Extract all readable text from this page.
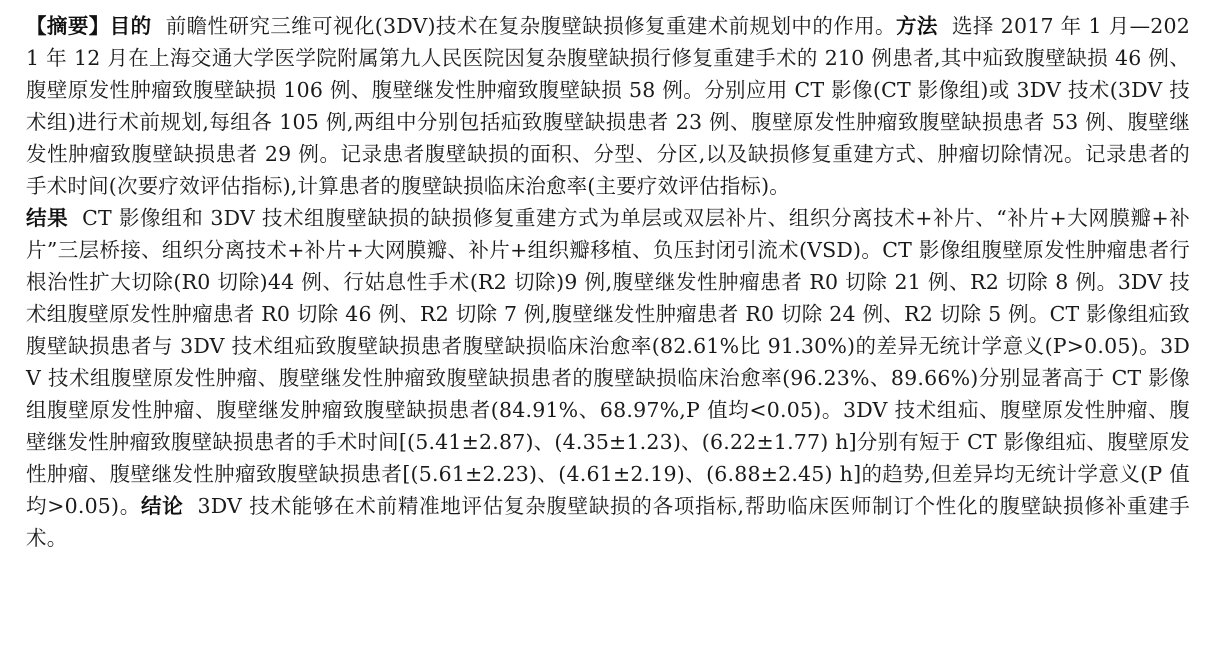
【摘要】目的 前瞻性研究三维可视化(3DV)技术在复杂腹壁缺损修复重建术前规划中的作用。方法 选择 2017 年 1 月—2021 年 12 月在上海交通大学医学院附属第九人民医院因复杂腹壁缺损行修复重建手术的 210 例患者,其中疝致腹壁缺损 46 例、腹壁原发性肿瘤致腹壁缺损 106 例、腹壁继发性肿瘤致腹壁缺损 58 例。分别应用 CT 影像(CT 影像组)或 3DV 技术(3DV 技术组)进行术前规划,每组各 105 例,两组中分别包括疝致腹壁缺损患者 23 例、腹壁原发性肿瘤致腹壁缺损患者 53 例、腹壁继发性肿瘤致腹壁缺损患者 29 例。记录患者腹壁缺损的面积、分型、分区,以及缺损修复重建方式、肿瘤切除情况。记录患者的手术时间(次要疗效评估指标),计算患者的腹壁缺损临床治愈率(主要疗效评估指标)。
结果 CT 影像组和 3DV 技术组腹壁缺损的缺损修复重建方式为单层或双层补片、组织分离技术+补片、“补片+大网膜瓣+补片”三层桥接、组织分离技术+补片+大网膜瓣、补片+组织瓣移植、负压封闭引流术(VSD)。CT 影像组腹壁原发性肿瘤患者行根治性扩大切除(R0 切除)44 例、行姑息性手术(R2 切除)9 例,腹壁继发性肿瘤患者 R0 切除 21 例、R2 切除 8 例。3DV 技术组腹壁原发性肿瘤患者 R0 切除 46 例、R2 切除 7 例,腹壁继发性肿瘤患者 R0 切除 24 例、R2 切除 5 例。CT 影像组疝致腹壁缺损患者与 3DV 技术组疝致腹壁缺损患者腹壁缺损临床治愈率(82.61%比 91.30%)的差异无统计学意义(P>0.05)。3DV 技术组腹壁原发性肿瘤、腹壁继发性肿瘤致腹壁缺损患者的腹壁缺损临床治愈率(96.23%、89.66%)分别显著高于 CT 影像组腹壁原发性肿瘤、腹壁继发肿瘤致腹壁缺损患者(84.91%、68.97%,P 值均<0.05)。3DV 技术组疝、腹壁原发性肿瘤、腹壁继发性肿瘤致腹壁缺损患者的手术时间[(5.41±2.87)、(4.35±1.23)、(6.22±1.77) h]分别有短于 CT 影像组疝、腹壁原发性肿瘤、腹壁继发性肿瘤致腹壁缺损患者[(5.61±2.23)、(4.61±2.19)、(6.88±2.45) h]的趋势,但差异均无统计学意义(P 值均>0.05)。结论 3DV 技术能够在术前精准地评估复杂腹壁缺损的各项指标,帮助临床医师制订个性化的腹壁缺损修补重建手术。
